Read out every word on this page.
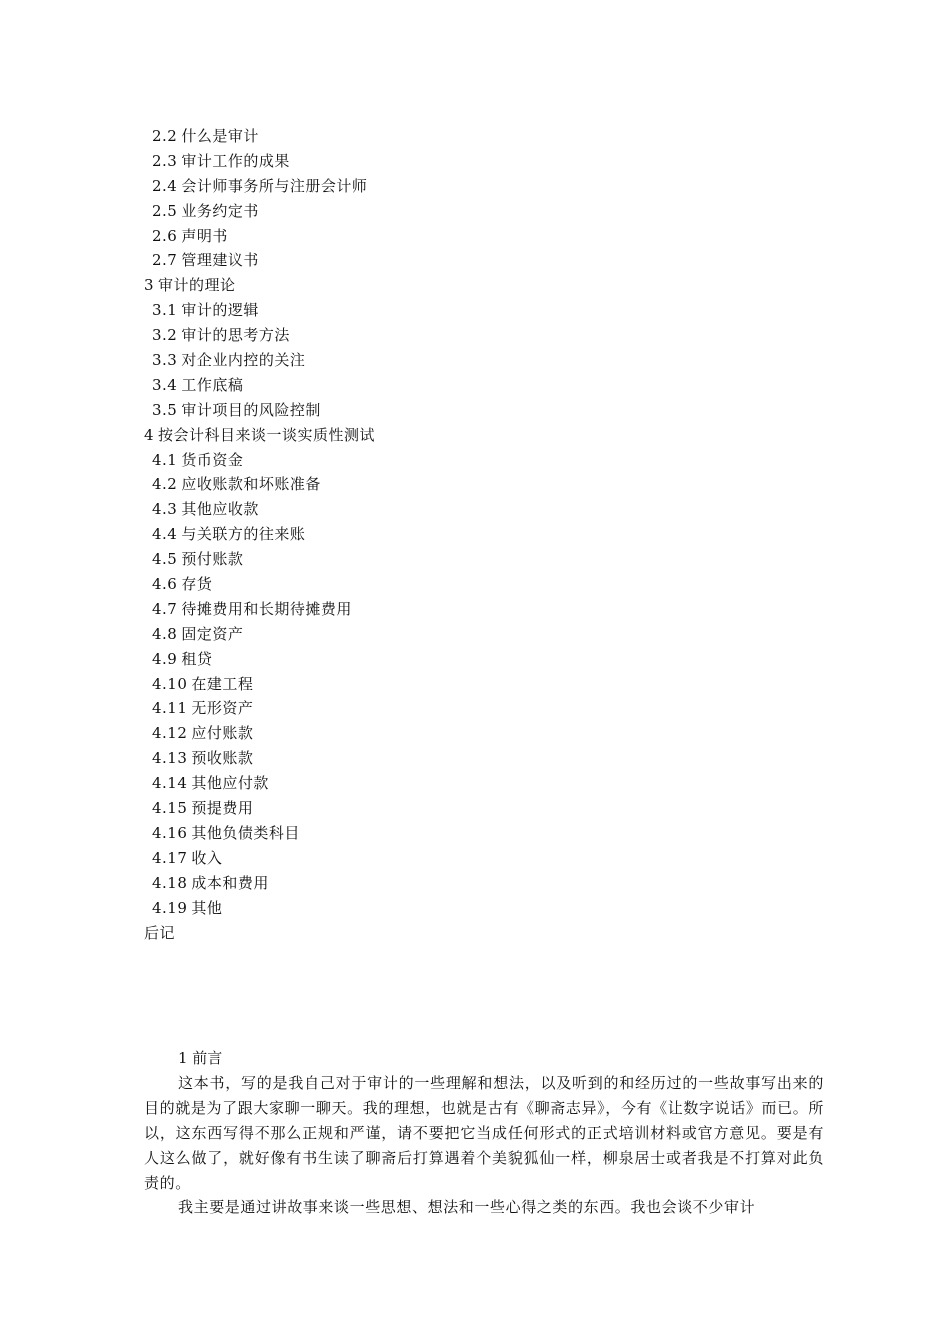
2.2 什么是审计
2.3 审计工作的成果
2.4 会计师事务所与注册会计师
2.5 业务约定书
2.6 声明书
2.7 管理建议书
3 审计的理论
3.1 审计的逻辑
3.2 审计的思考方法
3.3 对企业内控的关注
3.4 工作底稿
3.5 审计项目的风险控制
4 按会计科目来谈一谈实质性测试
4.1 货币资金
4.2 应收账款和坏账准备
4.3 其他应收款
4.4 与关联方的往来账
4.5 预付账款
4.6 存货
4.7 待摊费用和长期待摊费用
4.8 固定资产
4.9 租贷
4.10 在建工程
4.11 无形资产
4.12 应付账款
4.13 预收账款
4.14 其他应付款
4.15 预提费用
4.16 其他负债类科目
4.17 收入
4.18 成本和费用
4.19 其他
后记
1 前言

这本书，写的是我自己对于审计的一些理解和想法，以及听到的和经历过的一些故事写出来的目的就是为了跟大家聊一聊天。我的理想，也就是古有《聊斋志异》，今有《让数字说话》而已。所以，这东西写得不那么正规和严谨，请不要把它当成任何形式的正式培训材料或官方意见。要是有人这么做了，就好像有书生读了聊斋后打算遇着个美貌狐仙一样，柳泉居士或者我是不打算对此负责的。

我主要是通过讲故事来谈一些思想、想法和一些心得之类的东西。我也会谈不少审计
